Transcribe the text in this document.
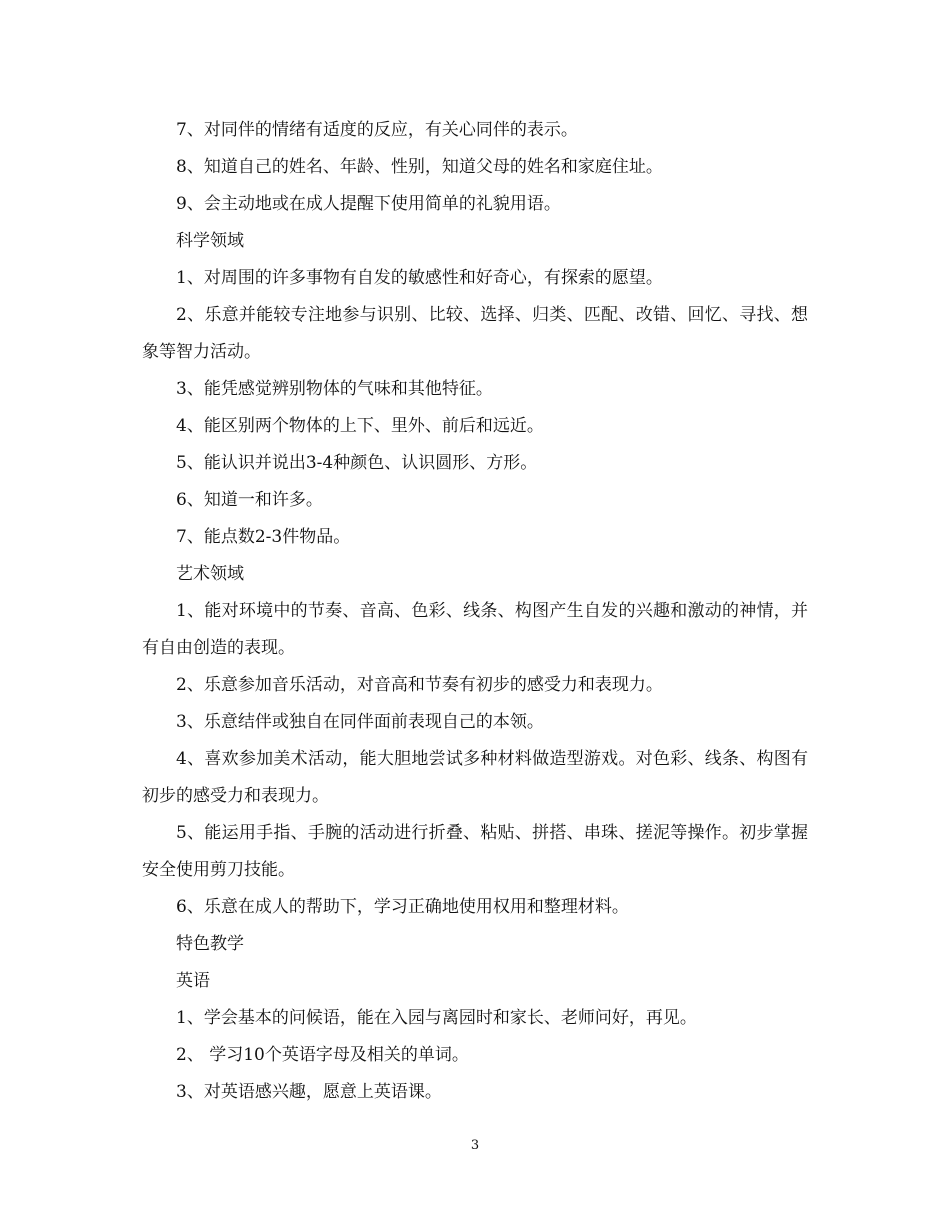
7、对同伴的情绪有适度的反应，有关心同伴的表示。

8、知道自己的姓名、年龄、性别，知道父母的姓名和家庭住址。

9、会主动地或在成人提醒下使用简单的礼貌用语。

科学领域

1、对周围的许多事物有自发的敏感性和好奇心，有探索的愿望。

2、乐意并能较专注地参与识别、比较、选择、归类、匹配、改错、回忆、寻找、想象等智力活动。

3、能凭感觉辨别物体的气味和其他特征。

4、能区别两个物体的上下、里外、前后和远近。

5、能认识并说出3-4种颜色、认识圆形、方形。

6、知道一和许多。

7、能点数2-3件物品。

艺术领域

1、能对环境中的节奏、音高、色彩、线条、构图产生自发的兴趣和激动的神情，并有自由创造的表现。

2、乐意参加音乐活动，对音高和节奏有初步的感受力和表现力。

3、乐意结伴或独自在同伴面前表现自己的本领。

4、喜欢参加美术活动，能大胆地尝试多种材料做造型游戏。对色彩、线条、构图有初步的感受力和表现力。

5、能运用手指、手腕的活动进行折叠、粘贴、拼搭、串珠、搓泥等操作。初步掌握安全使用剪刀技能。

6、乐意在成人的帮助下，学习正确地使用权用和整理材料。

特色教学

英语

1、学会基本的问候语，能在入园与离园时和家长、老师问好，再见。

2、 学习10个英语字母及相关的单词。

3、对英语感兴趣，愿意上英语课。

3
